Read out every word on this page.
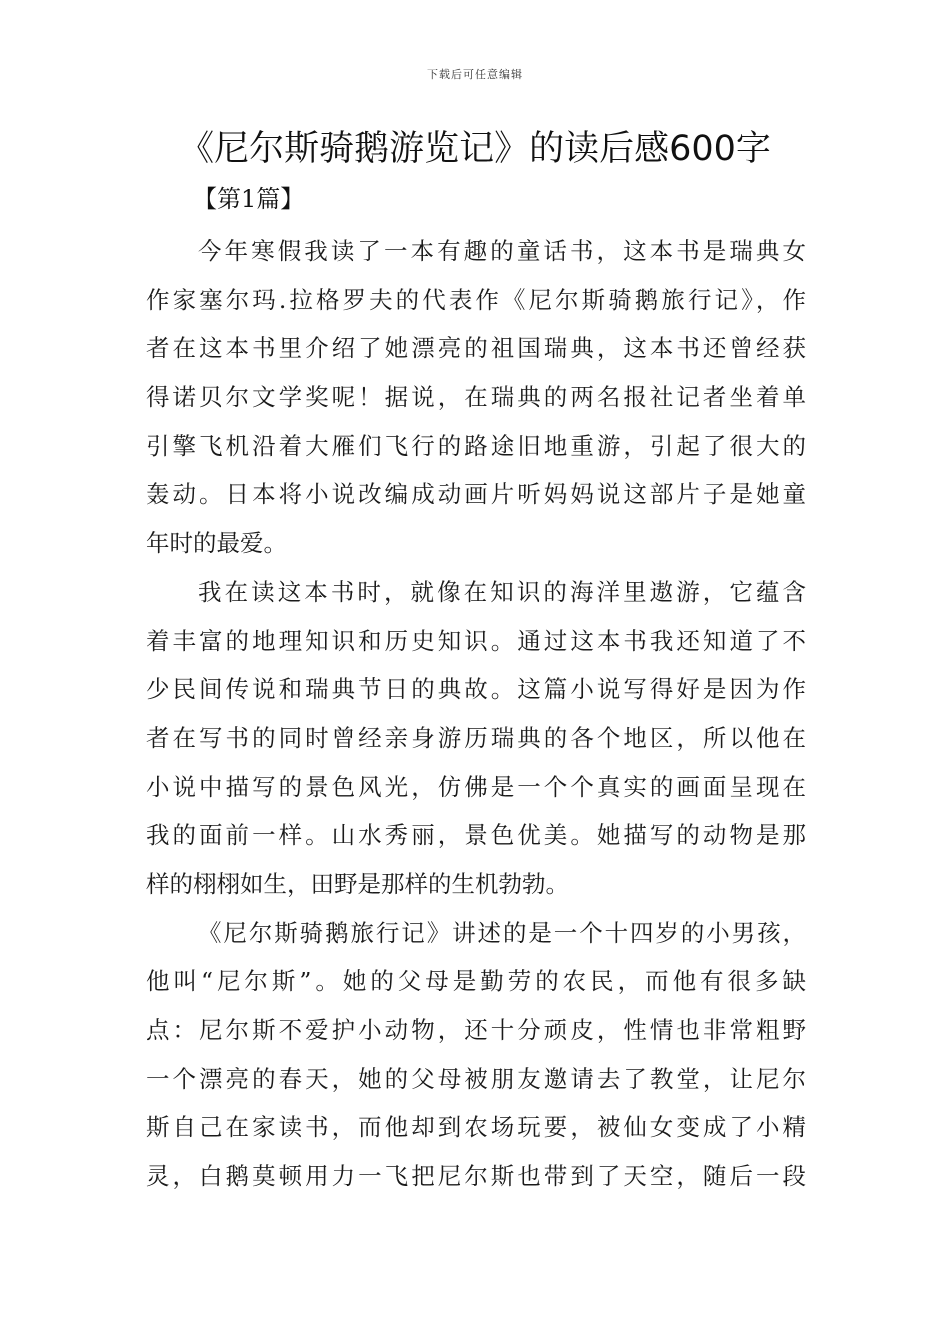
下载后可任意编辑
《尼尔斯骑鹅游览记》的读后感600字
【第1篇】
今年寒假我读了一本有趣的童话书，这本书是瑞典女
作家塞尔玛.拉格罗夫的代表作《尼尔斯骑鹅旅行记》，作
者在这本书里介绍了她漂亮的祖国瑞典，这本书还曾经获
得诺贝尔文学奖呢！据说，在瑞典的两名报社记者坐着单
引擎飞机沿着大雁们飞行的路途旧地重游，引起了很大的
轰动。日本将小说改编成动画片听妈妈说这部片子是她童
年时的最爱。
我在读这本书时，就像在知识的海洋里遨游，它蕴含
着丰富的地理知识和历史知识。通过这本书我还知道了不
少民间传说和瑞典节日的典故。这篇小说写得好是因为作
者在写书的同时曾经亲身游历瑞典的各个地区，所以他在
小说中描写的景色风光，仿佛是一个个真实的画面呈现在
我的面前一样。山水秀丽，景色优美。她描写的动物是那
样的栩栩如生，田野是那样的生机勃勃。
《尼尔斯骑鹅旅行记》讲述的是一个十四岁的小男孩，
他叫“尼尔斯”。她的父母是勤劳的农民，而他有很多缺
点：尼尔斯不爱护小动物，还十分顽皮，性情也非常粗野
一个漂亮的春天，她的父母被朋友邀请去了教堂，让尼尔
斯自己在家读书，而他却到农场玩要，被仙女变成了小精
灵，白鹅莫顿用力一飞把尼尔斯也带到了天空，随后一段
